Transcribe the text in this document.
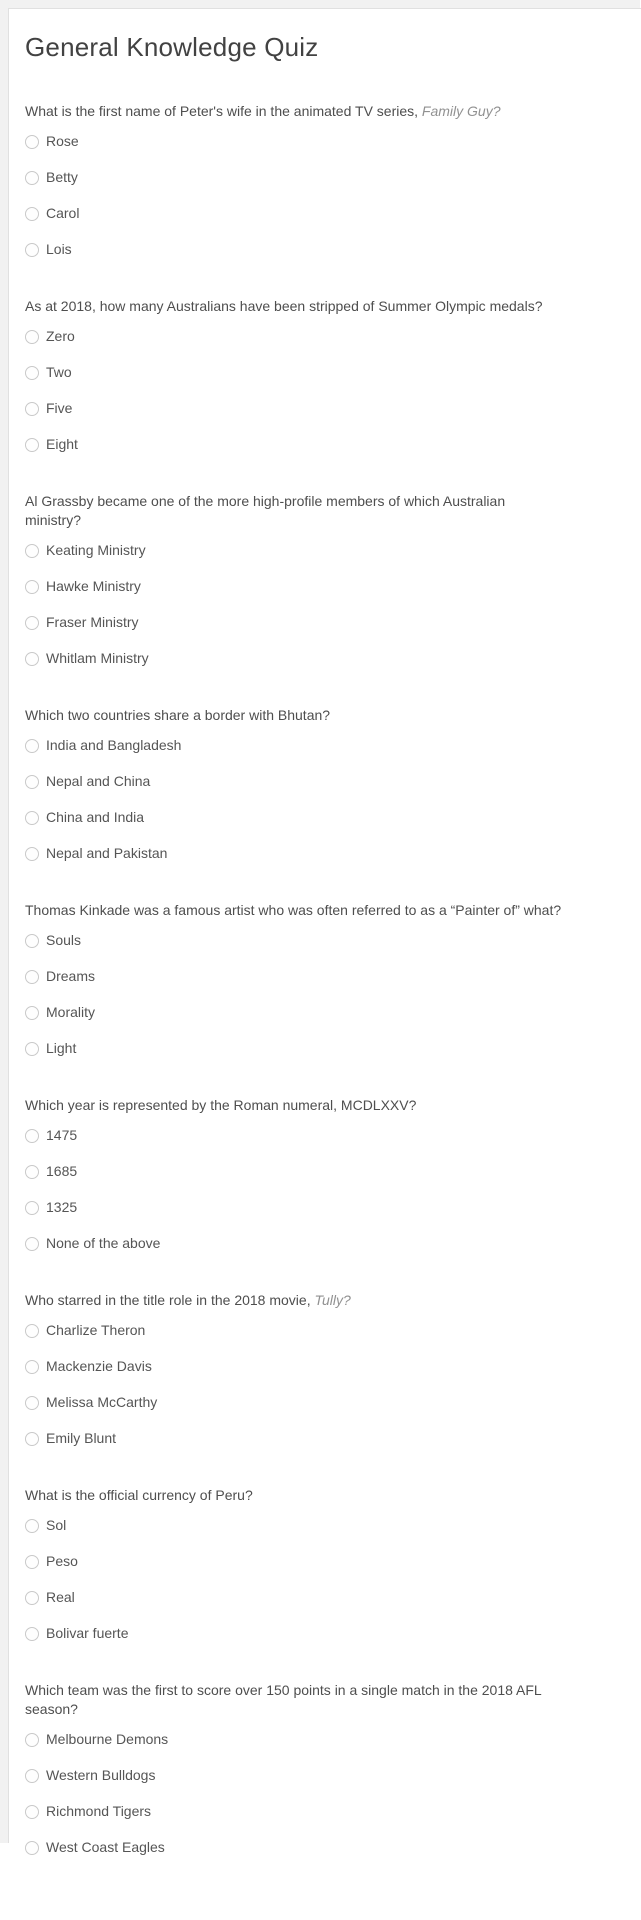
General Knowledge Quiz

What is the first name of Peter's wife in the animated TV series, Family Guy?

Rose
Betty
Carol
Lois

As at 2018, how many Australians have been stripped of Summer Olympic medals?

Zero
Two
Five
Eight

Al Grassby became one of the more high-profile members of which Australian
ministry?

Keating Ministry
Hawke Ministry
Fraser Ministry
Whitlam Ministry

Which two countries share a border with Bhutan?

India and Bangladesh
Nepal and China
China and India
Nepal and Pakistan

Thomas Kinkade was a famous artist who was often referred to as a “Painter of” what?

Souls
Dreams
Morality
Light

Which year is represented by the Roman numeral, MCDLXXV?

1475
1685
1325
None of the above

Who starred in the title role in the 2018 movie, Tully?

Charlize Theron
Mackenzie Davis
Melissa McCarthy
Emily Blunt

What is the official currency of Peru?

Sol
Peso
Real
Bolivar fuerte

Which team was the first to score over 150 points in a single match in the 2018 AFL
season?

Melbourne Demons
Western Bulldogs
Richmond Tigers
West Coast Eagles
